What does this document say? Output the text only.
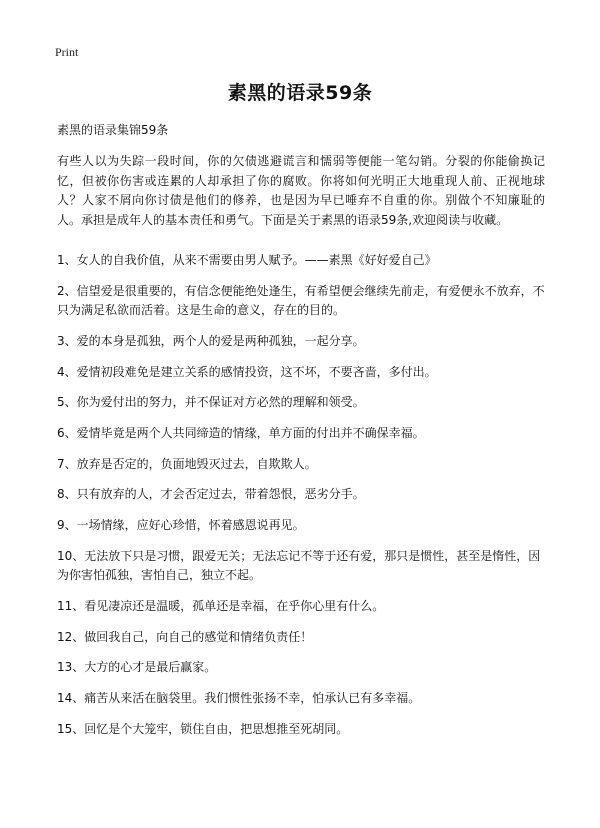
Print
素黑的语录59条

素黑的语录集锦59条

有些人以为失踪一段时间，你的欠债逃避谎言和懦弱等便能一笔勾销。分裂的你能偷换记忆，但被你伤害或连累的人却承担了你的腐败。你将如何光明正大地重现人前、正视地球人？人家不屑向你讨债是他们的修养，也是因为早已唾弃不自重的你。别做个不知廉耻的人。承担是成年人的基本责任和勇气。下面是关于素黑的语录59条,欢迎阅读与收藏。

1、女人的自我价值，从来不需要由男人赋予。——素黑《好好爱自己》
2、信望爱是很重要的，有信念便能绝处逢生，有希望便会继续先前走，有爱便永不放弃，不只为满足私欲而活着。这是生命的意义，存在的目的。
3、爱的本身是孤独，两个人的爱是两种孤独，一起分享。
4、爱情初段难免是建立关系的感情投资，这不坏，不要吝啬，多付出。
5、你为爱付出的努力，并不保证对方必然的理解和领受。
6、爱情毕竟是两个人共同缔造的情缘，单方面的付出并不确保幸福。
7、放弃是否定的，负面地毁灭过去，自欺欺人。
8、只有放弃的人，才会否定过去，带着怨恨，恶劣分手。
9、一场情缘，应好心珍惜，怀着感恩说再见。
10、无法放下只是习惯，跟爱无关；无法忘记不等于还有爱，那只是惯性，甚至是惰性，因为你害怕孤独，害怕自己，独立不起。
11、看见凄凉还是温暖，孤单还是幸福，在乎你心里有什么。
12、做回我自己，向自己的感觉和情绪负责任！
13、大方的心才是最后赢家。
14、痛苦从来活在脑袋里。我们惯性张扬不幸，怕承认已有多幸福。
15、回忆是个大笼牢，锁住自由，把思想推至死胡同。
